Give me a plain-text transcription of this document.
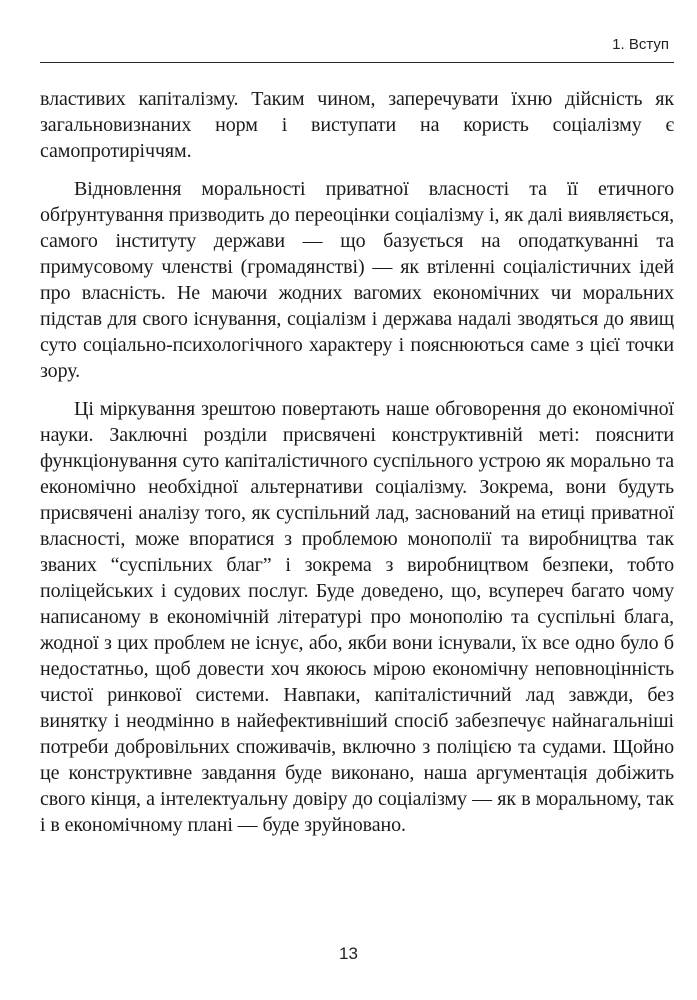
1. Вступ

властивих капіталізму. Таким чином, заперечувати їхню дійсність як загальновизнаних норм і виступати на користь соціалізму є самопротиріччям.

Відновлення моральності приватної власності та її етичного обґрунтування призводить до переоцінки соціалізму і, як далі виявляється, самого інституту держави — що базується на оподаткуванні та примусовому членстві (громадянстві) — як втіленні соціалістичних ідей про власність. Не маючи жодних вагомих економічних чи моральних підстав для свого існування, соціалізм і держава надалі зводяться до явищ суто соціально-психологічного характеру і пояснюються саме з цієї точки зору.

Ці міркування зрештою повертають наше обговорення до економічної науки. Заключні розділи присвячені конструктивній меті: пояснити функціонування суто капіталістичного суспільного устрою як морально та економічно необхідної альтернативи соціалізму. Зокрема, вони будуть присвячені аналізу того, як суспільний лад, заснований на етиці приватної власності, може впоратися з проблемою монополії та виробництва так званих “суспільних благ” і зокрема з виробництвом безпеки, тобто поліцейських і судових послуг. Буде доведено, що, всупереч багато чому написаному в економічній літературі про монополію та суспільні блага, жодної з цих проблем не існує, або, якби вони існували, їх все одно було б недостатньо, щоб довести хоч якоюсь мірою економічну неповноцінність чистої ринкової системи. Навпаки, капіталістичний лад завжди, без винятку і неодмінно в найефективніший спосіб забезпечує найнагальніші потреби добровільних споживачів, включно з поліцією та судами. Щойно це конструктивне завдання буде виконано, наша аргументація добіжить свого кінця, а інтелектуальну довіру до соціалізму — як в моральному, так і в економічному плані — буде зруйновано.

13
